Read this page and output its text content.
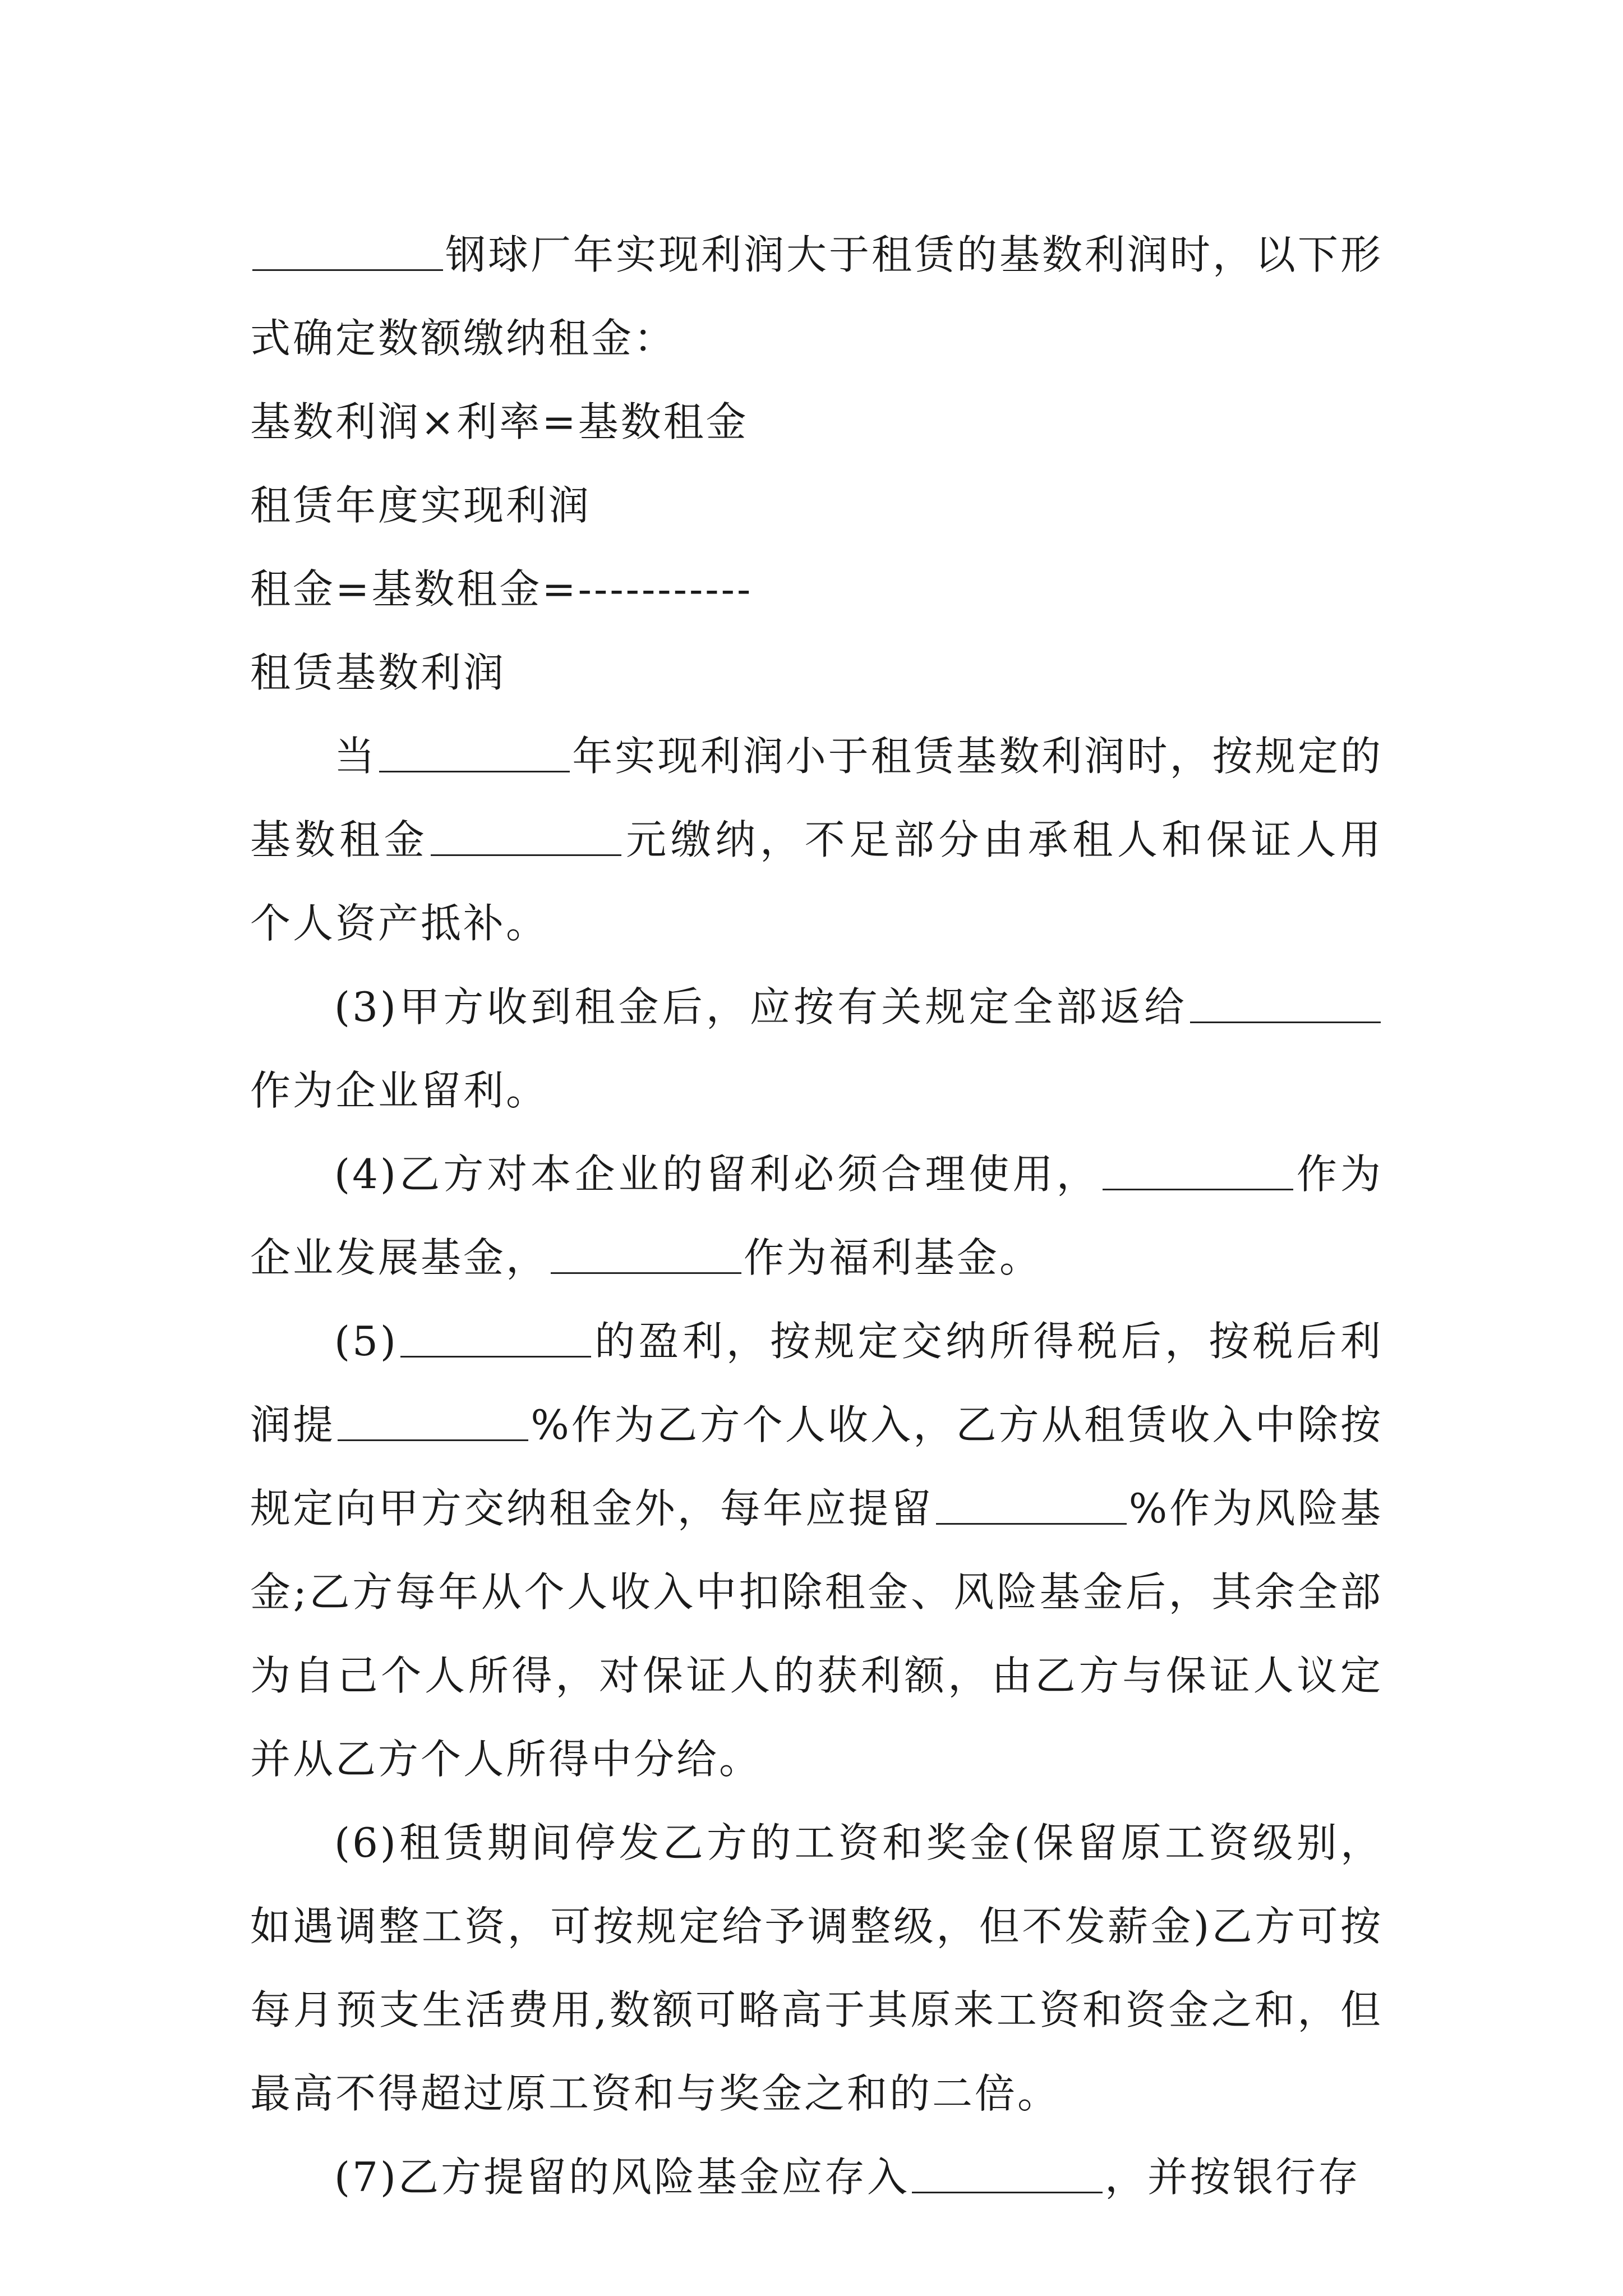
钢球厂年实现利润大于租赁的基数利润时，以下形式确定数额缴纳租金：

基数利润×利率=基数租金

租赁年度实现利润

租金=基数租金=-----------

租赁基数利润

当	年实现利润小于租赁基数利润时，按规定的基数租金	元缴纳，不足部分由承租人和保证人用个人资产抵补。

(3)甲方收到租金后，应按有关规定全部返给作为企业留利。

(4)乙方对本企业的留利必须合理使用，	作为企业发展基金，	作为福利基金。

(5)	的盈利，按规定交纳所得税后，按税后利润提	%作为乙方个人收入，乙方从租赁收入中除按规定向甲方交纳租金外，每年应提留	%作为风险基金;乙方每年从个人收入中扣除租金、风险基金后，其余全部为自己个人所得，对保证人的获利额，由乙方与保证人议定并从乙方个人所得中分给。

(6)租赁期间停发乙方的工资和奖金(保留原工资级别，如遇调整工资，可按规定给予调整级，但不发薪金)乙方可按每月预支生活费用,数额可略高于其原来工资和资金之和，但最高不得超过原工资和与奖金之和的二倍。

(7)乙方提留的风险基金应存入	，并按银行存
